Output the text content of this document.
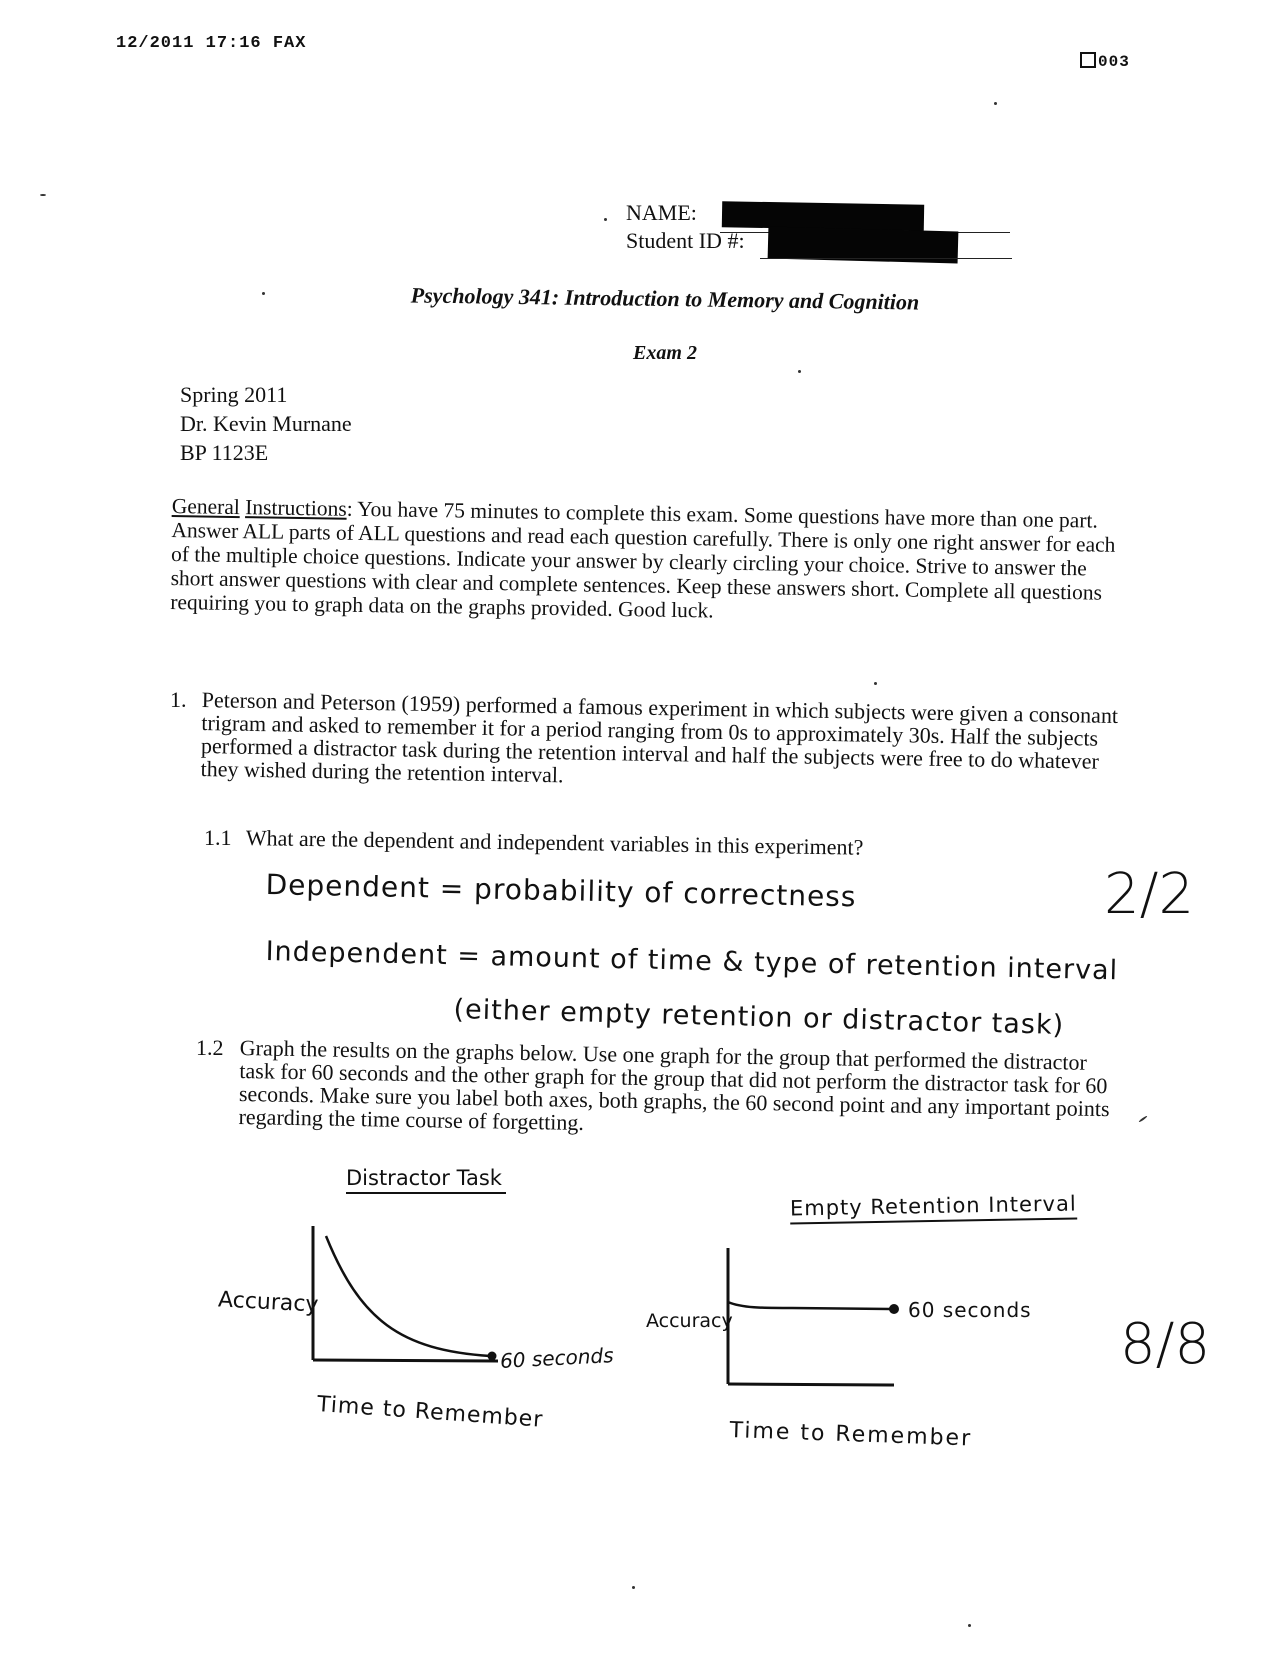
12/2011 17:16 FAX
003
NAME:
Student ID #:
Psychology 341: Introduction to Memory and Cognition
Exam 2
Spring 2011
Dr. Kevin Murnane
BP 1123E
General Instructions: You have 75 minutes to complete this exam. Some questions have more than one part. Answer ALL parts of ALL questions and read each question carefully. There is only one right answer for each of the multiple choice questions. Indicate your answer by clearly circling your choice. Strive to answer the short answer questions with clear and complete sentences. Keep these answers short. Complete all questions requiring you to graph data on the graphs provided. Good luck.
1. Peterson and Peterson (1959) performed a famous experiment in which subjects were given a consonant trigram and asked to remember it for a period ranging from 0s to approximately 30s. Half the subjects performed a distractor task during the retention interval and half the subjects were free to do whatever they wished during the retention interval.
1.1 What are the dependent and independent variables in this experiment?
Dependent = probability of correctness
Independent = amount of time & type of retention interval
(either empty retention or distractor task)
2/2
1.2 Graph the results on the graphs below. Use one graph for the group that performed the distractor task for 60 seconds and the other graph for the group that did not perform the distractor task for 60 seconds. Make sure you label both axes, both graphs, the 60 second point and any important points regarding the time course of forgetting.
8/8
Distractor Task
Accuracy
60 seconds
Time to Remember
Empty Retention Interval
Accuracy	60 seconds
Time to Remember
